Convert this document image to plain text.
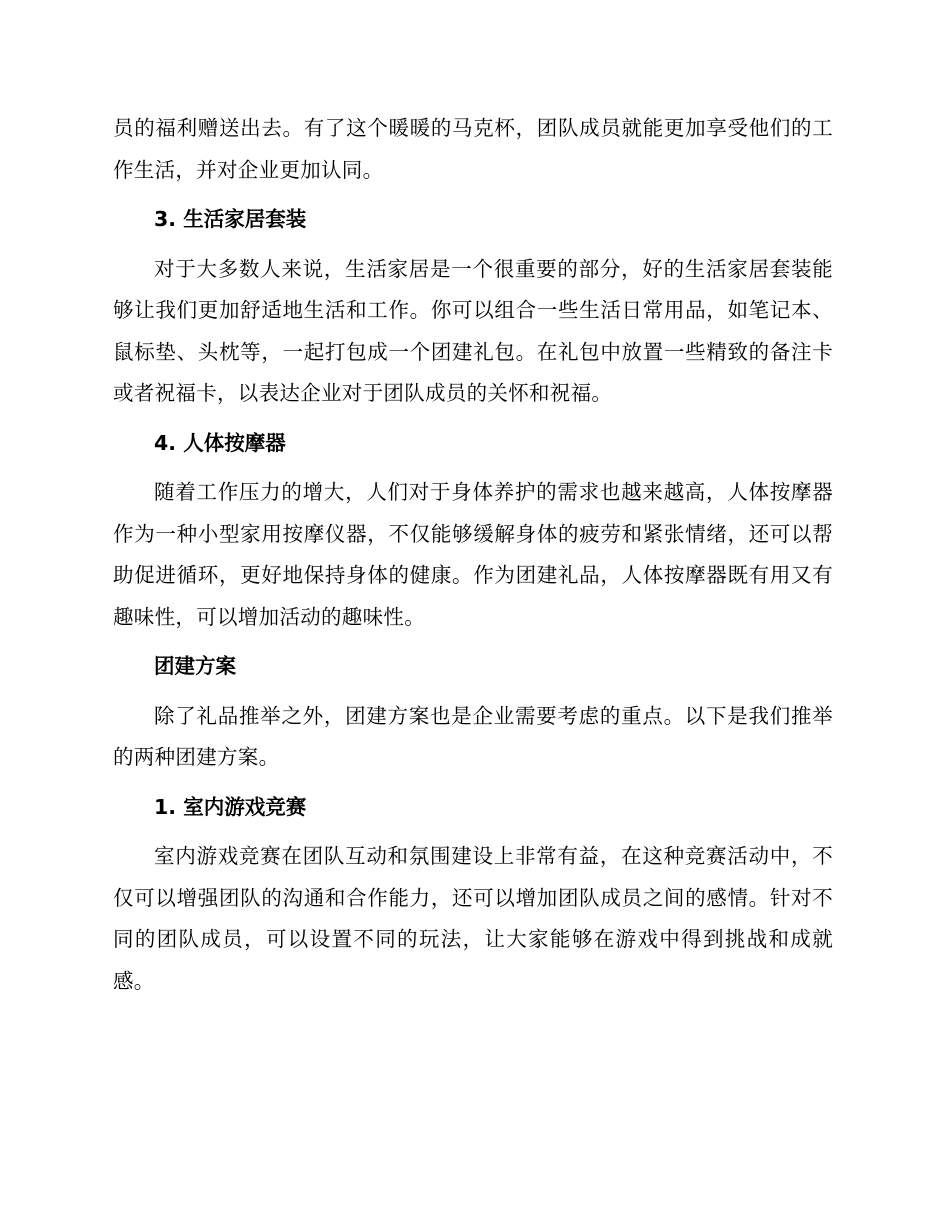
员的福利赠送出去。有了这个暖暖的马克杯，团队成员就能更加享受他们的工作生活，并对企业更加认同。

3. 生活家居套装

对于大多数人来说，生活家居是一个很重要的部分，好的生活家居套装能够让我们更加舒适地生活和工作。你可以组合一些生活日常用品，如笔记本、鼠标垫、头枕等，一起打包成一个团建礼包。在礼包中放置一些精致的备注卡或者祝福卡，以表达企业对于团队成员的关怀和祝福。

4. 人体按摩器

随着工作压力的增大，人们对于身体养护的需求也越来越高，人体按摩器作为一种小型家用按摩仪器，不仅能够缓解身体的疲劳和紧张情绪，还可以帮助促进循环，更好地保持身体的健康。作为团建礼品，人体按摩器既有用又有趣味性，可以增加活动的趣味性。

团建方案

除了礼品推举之外，团建方案也是企业需要考虑的重点。以下是我们推举的两种团建方案。

1. 室内游戏竞赛

室内游戏竞赛在团队互动和氛围建设上非常有益，在这种竞赛活动中，不仅可以增强团队的沟通和合作能力，还可以增加团队成员之间的感情。针对不同的团队成员，可以设置不同的玩法，让大家能够在游戏中得到挑战和成就感。
